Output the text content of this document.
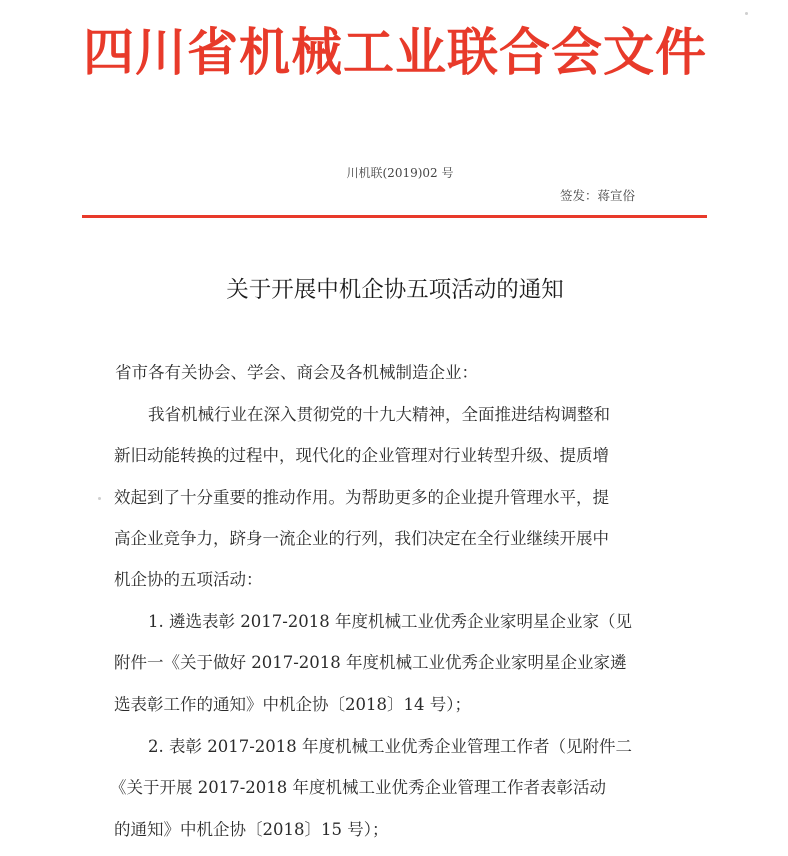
四川省机械工业联合会文件
川机联(2019)02 号
签发：蒋宣俗
关于开展中机企协五项活动的通知
省市各有关协会、学会、商会及各机械制造企业：
我省机械行业在深入贯彻党的十九大精神，全面推进结构调整和
新旧动能转换的过程中，现代化的企业管理对行业转型升级、提质增
效起到了十分重要的推动作用。为帮助更多的企业提升管理水平，提
高企业竞争力，跻身一流企业的行列，我们决定在全行业继续开展中
机企协的五项活动：
1. 遴选表彰 2017-2018 年度机械工业优秀企业家明星企业家（见
附件一《关于做好 2017-2018 年度机械工业优秀企业家明星企业家遴
选表彰工作的通知》中机企协〔2018〕14 号）；
2. 表彰 2017-2018 年度机械工业优秀企业管理工作者（见附件二
《关于开展 2017-2018 年度机械工业优秀企业管理工作者表彰活动
的通知》中机企协〔2018〕15 号）；
